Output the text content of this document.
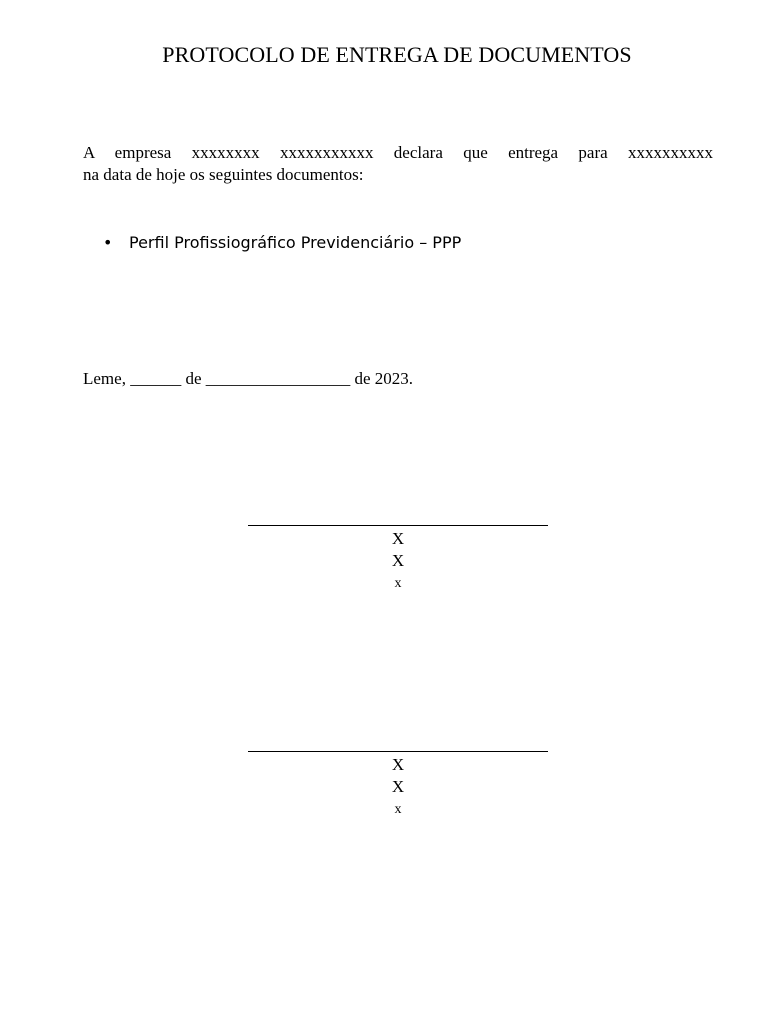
PROTOCOLO DE ENTREGA DE DOCUMENTOS
A empresa xxxxxxxx xxxxxxxxxxx declara que entrega para xxxxxxxxxx
na data de hoje os seguintes documentos:
• Perfil Profissiográfico Previdenciário – PPP
Leme, ______ de _________________ de 2023.
X
X
x
X
X
x
